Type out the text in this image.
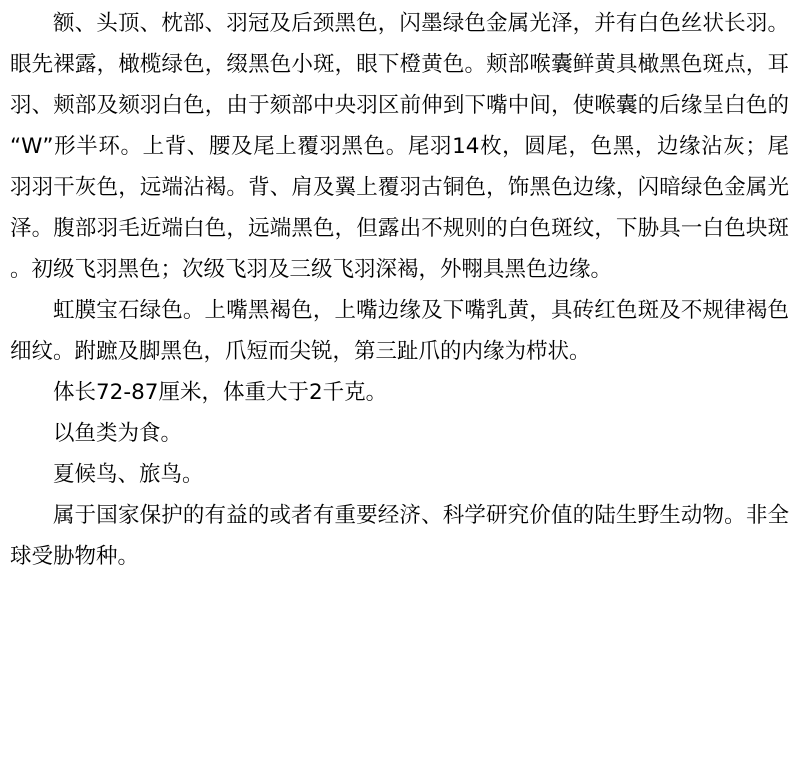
额、头顶、枕部、羽冠及后颈黑色，闪墨绿色金属光泽，并有白色丝状长羽。眼先裸露，橄榄绿色，缀黑色小斑，眼下橙黄色。颊部喉囊鲜黄具橄黑色斑点，耳羽、颊部及颏羽白色，由于颏部中央羽区前伸到下嘴中间，使喉囊的后缘呈白色的“W”形半环。上背、腰及尾上覆羽黑色。尾羽14枚，圆尾，色黑，边缘沾灰；尾羽羽干灰色，远端沾褐。背、肩及翼上覆羽古铜色，饰黑色边缘，闪暗绿色金属光泽。腹部羽毛近端白色，远端黑色，但露出不规则的白色斑纹，下胁具一白色块斑。初级飞羽黑色；次级飞羽及三级飞羽深褐，外翈具黑色边缘。

虹膜宝石绿色。上嘴黑褐色，上嘴边缘及下嘴乳黄，具砖红色斑及不规律褐色细纹。跗蹠及脚黑色，爪短而尖锐，第三趾爪的内缘为栉状。

体长72-87厘米，体重大于2千克。

以鱼类为食。

夏候鸟、旅鸟。

属于国家保护的有益的或者有重要经济、科学研究价值的陆生野生动物。非全球受胁物种。
